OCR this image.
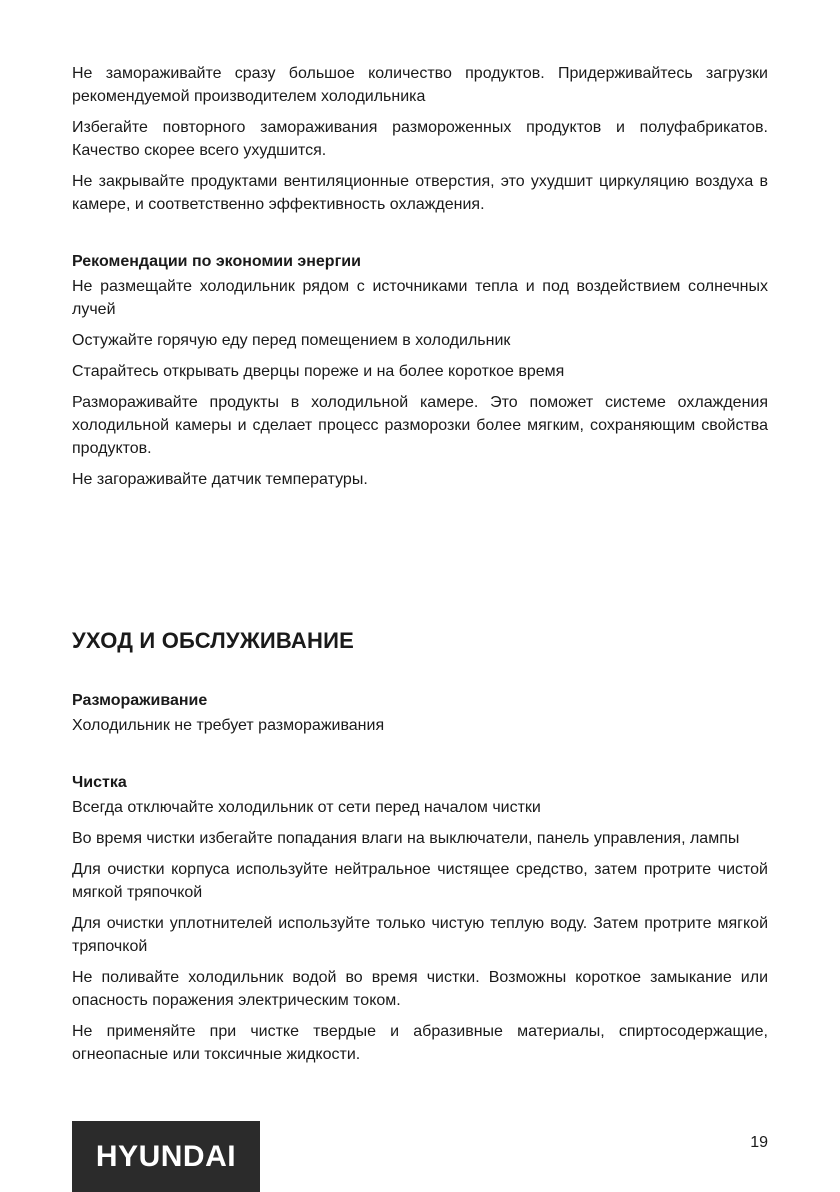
Не замораживайте сразу большое количество продуктов. Придерживайтесь загрузки рекомендуемой производителем холодильника

Избегайте повторного замораживания размороженных продуктов и полуфабрикатов. Качество скорее всего ухудшится.

Не закрывайте продуктами вентиляционные отверстия, это ухудшит циркуляцию воздуха в камере, и соответственно эффективность охлаждения.

Рекомендации по экономии энергии

Не размещайте холодильник рядом с источниками тепла и под воздействием солнечных лучей

Остужайте горячую еду перед помещением в холодильник

Старайтесь открывать дверцы пореже и на более короткое время

Размораживайте продукты в холодильной камере. Это поможет системе охлаждения холодильной камеры и сделает процесс разморозки более мягким, сохраняющим свойства продуктов.

Не загораживайте датчик температуры.

УХОД И ОБСЛУЖИВАНИЕ
Размораживание

Холодильник не требует размораживания

Чистка

Всегда отключайте холодильник от сети перед началом чистки

Во время чистки избегайте попадания влаги на выключатели, панель управления, лампы

Для очистки корпуса используйте нейтральное чистящее средство, затем протрите чистой мягкой тряпочкой

Для очистки уплотнителей используйте только чистую теплую воду. Затем протрите мягкой тряпочкой

Не поливайте холодильник водой во время чистки. Возможны короткое замыкание или опасность поражения электрическим током.

Не применяйте при чистке твердые и абразивные материалы, спиртосодержащие, огнеопасные или токсичные жидкости.

HYUNDAI	19
